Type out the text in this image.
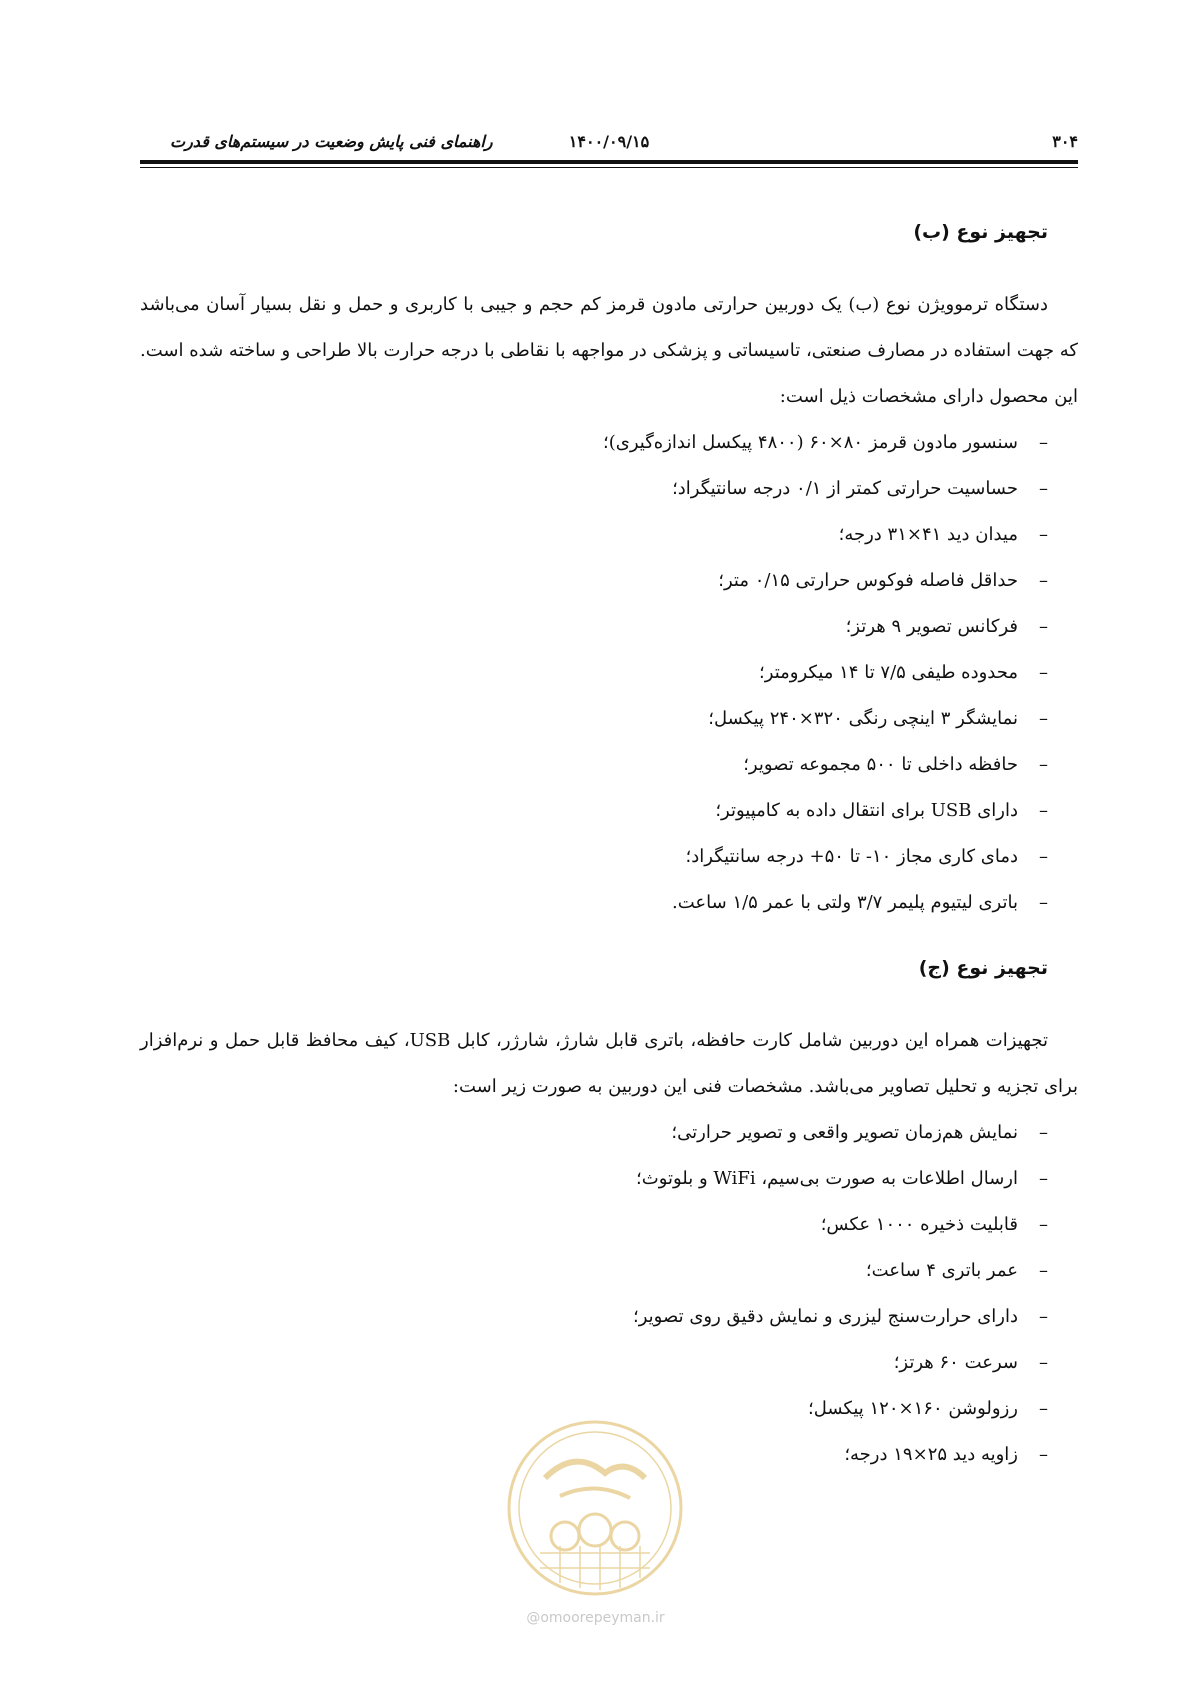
۳۰۴
۱۴۰۰/۰۹/۱۵
راهنمای فنی پایش وضعیت در سیستم‌های قدرت
تجهیز نوع (ب)

دستگاه ترموویژن نوع (ب) یک دوربین حرارتی مادون قرمز کم حجم و جیبی با کاربری و حمل و نقل بسیار آسان می‌باشد که جهت استفاده در مصارف صنعتی، تاسیساتی و پزشکی در مواجهه با نقاطی با درجه حرارت بالا طراحی و ساخته شده است. این محصول دارای مشخصات ذیل است:

–سنسور مادون قرمز ۸۰×۶۰ (۴۸۰۰ پیکسل اندازه‌گیری)؛
–حساسیت حرارتی کمتر از ۰/۱ درجه سانتیگراد؛
–میدان دید ۴۱×۳۱ درجه؛
–حداقل فاصله فوکوس حرارتی ۰/۱۵ متر؛
–فرکانس تصویر ۹ هرتز؛
–محدوده طیفی ۷/۵ تا ۱۴ میکرومتر؛
–نمایشگر ۳ اینچی رنگی ۳۲۰×۲۴۰ پیکسل؛
–حافظه داخلی تا ۵۰۰ مجموعه تصویر؛
–دارای USB برای انتقال داده به کامپیوتر؛
–دمای کاری مجاز ۱۰- تا ۵۰+ درجه سانتیگراد؛
–باتری لیتیوم پلیمر ۳/۷ ولتی با عمر ۱/۵ ساعت.
تجهیز نوع (ج)

تجهیزات همراه این دوربین شامل کارت حافظه، باتری قابل شارژ، شارژر، کابل USB، کیف محافظ قابل حمل و نرم‌افزار برای تجزیه و تحلیل تصاویر می‌باشد. مشخصات فنی این دوربین به صورت زیر است:

–نمایش هم‌زمان تصویر واقعی و تصویر حرارتی؛
–ارسال اطلاعات به صورت بی‌سیم، WiFi و بلوتوث؛
–قابلیت ذخیره ۱۰۰۰ عکس؛
–عمر باتری ۴ ساعت؛
–دارای حرارت‌سنج لیزری و نمایش دقیق روی تصویر؛
–سرعت ۶۰ هرتز؛
–رزولوشن ۱۶۰×۱۲۰ پیکسل؛
–زاویه دید ۲۵×۱۹ درجه؛
@omoorepeyman.ir
